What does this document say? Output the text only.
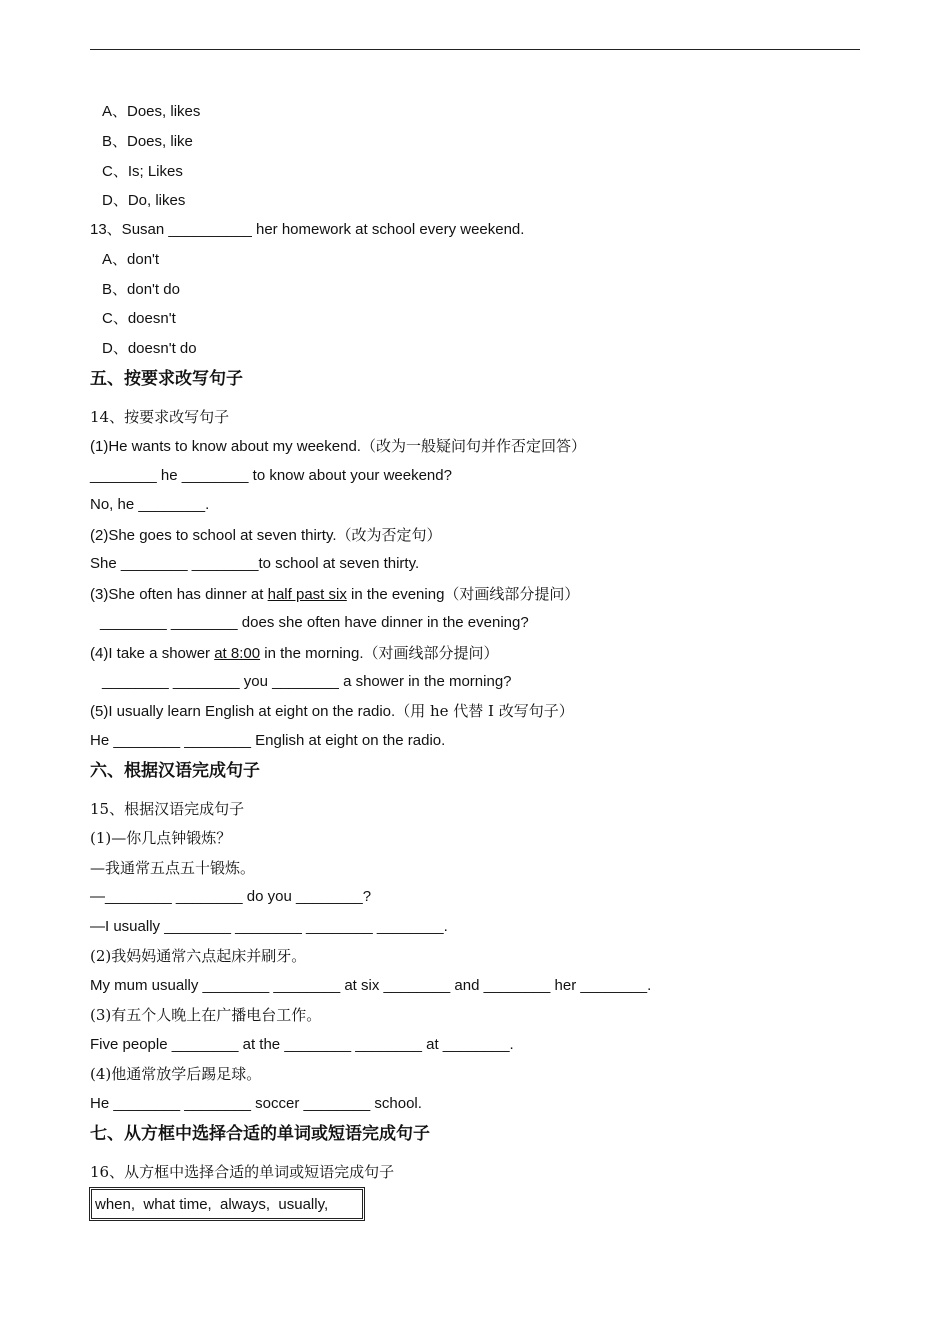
A、Does, likes
B、Does, like
C、Is; Likes
D、Do, likes
13、Susan __________ her homework at school every weekend.
A、don't
B、don't do
C、doesn't
D、doesn't do
五、按要求改写句子
14、按要求改写句子
(1)He wants to know about my weekend.（改为一般疑问句并作否定回答）
________ he ________ to know about your weekend?
No, he ________.
(2)She goes to school at seven thirty.（改为否定句）
She ________ ________to school at seven thirty.
(3)She often has dinner at half past six in the evening（对画线部分提问）
________ ________ does she often have dinner in the evening?
(4)I take a shower at 8:00 in the morning.（对画线部分提问）
________ ________ you ________ a shower in the morning?
(5)I usually learn English at eight on the radio.（用 he 代替 I 改写句子）
He ________ ________ English at eight on the radio.
六、根据汉语完成句子
15、根据汉语完成句子
(1)—你几点钟锻炼？
—我通常五点五十锻炼。
—________ ________ do you ________?
—I usually ________ ________ ________ ________.
(2)我妈妈通常六点起床并刷牙。
My mum usually ________ ________ at six ________ and ________ her ________.
(3)有五个人晚上在广播电台工作。
Five people ________ at the ________ ________ at ________.
(4)他通常放学后踢足球。
He ________ ________ soccer ________ school.
七、从方框中选择合适的单词或短语完成句子
16、从方框中选择合适的单词或短语完成句子
when,  what time,  always,  usually,
